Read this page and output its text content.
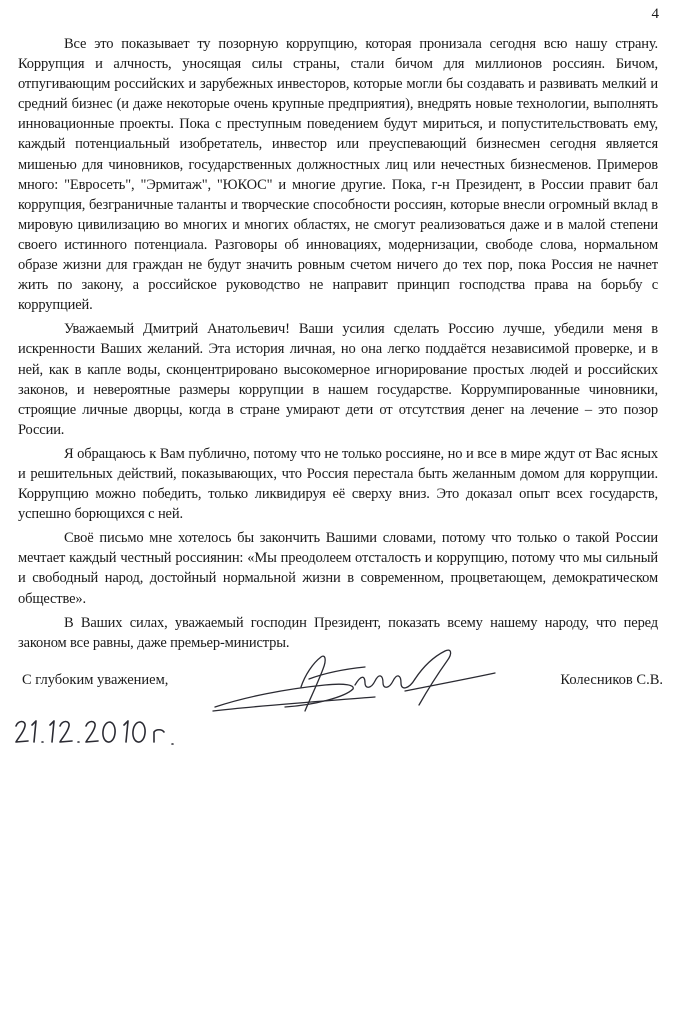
4

Все это показывает ту позорную коррупцию, которая пронизала сегодня всю нашу страну. Коррупция и алчность, уносящая силы страны, стали бичом для миллионов россиян. Бичом, отпугивающим российских и зарубежных инвесторов, которые могли бы создавать и развивать мелкий и средний бизнес (и даже некоторые очень крупные предприятия), внедрять новые технологии, выполнять инновационные проекты. Пока с преступным поведением будут мириться, и попустительствовать ему, каждый потенциальный изобретатель, инвестор или преуспевающий бизнесмен сегодня является мишенью для чиновников, государственных должностных лиц или нечестных бизнесменов. Примеров много: "Евросеть", "Эрмитаж", "ЮКОС" и многие другие. Пока, г-н Президент, в России правит бал коррупция, безграничные таланты и творческие способности россиян, которые внесли огромный вклад в мировую цивилизацию во многих и многих областях, не смогут реализоваться даже и в малой степени своего истинного потенциала. Разговоры об инновациях, модернизации, свободе слова, нормальном образе жизни для граждан не будут значить ровным счетом ничего до тех пор, пока Россия не начнет жить по закону, а российское руководство не направит принцип господства права на борьбу с коррупцией.

Уважаемый Дмитрий Анатольевич! Ваши усилия сделать Россию лучше, убедили меня в искренности Ваших желаний. Эта история личная, но она легко поддаётся независимой проверке, и в ней, как в капле воды, сконцентрировано высокомерное игнорирование простых людей и российских законов, и невероятные размеры коррупции в нашем государстве. Коррумпированные чиновники, строящие личные дворцы, когда в стране умирают дети от отсутствия денег на лечение – это позор России.

Я обращаюсь к Вам публично, потому что не только россияне, но и все в мире ждут от Вас ясных и решительных действий, показывающих, что Россия перестала быть желанным домом для коррупции. Коррупцию можно победить, только ликвидируя её сверху вниз. Это доказал опыт всех государств, успешно борющихся с ней.

Своё письмо мне хотелось бы закончить Вашими словами, потому что только о такой России мечтает каждый честный россиянин: «Мы преодолеем отсталость и коррупцию, потому что мы сильный и свободный народ, достойный нормальной жизни в современном, процветающем, демократическом обществе».

В Ваших силах, уважаемый господин Президент, показать всему нашему народу, что перед законом все равны, даже премьер-министры.

С глубоким уважением,	Колесников С.В.
